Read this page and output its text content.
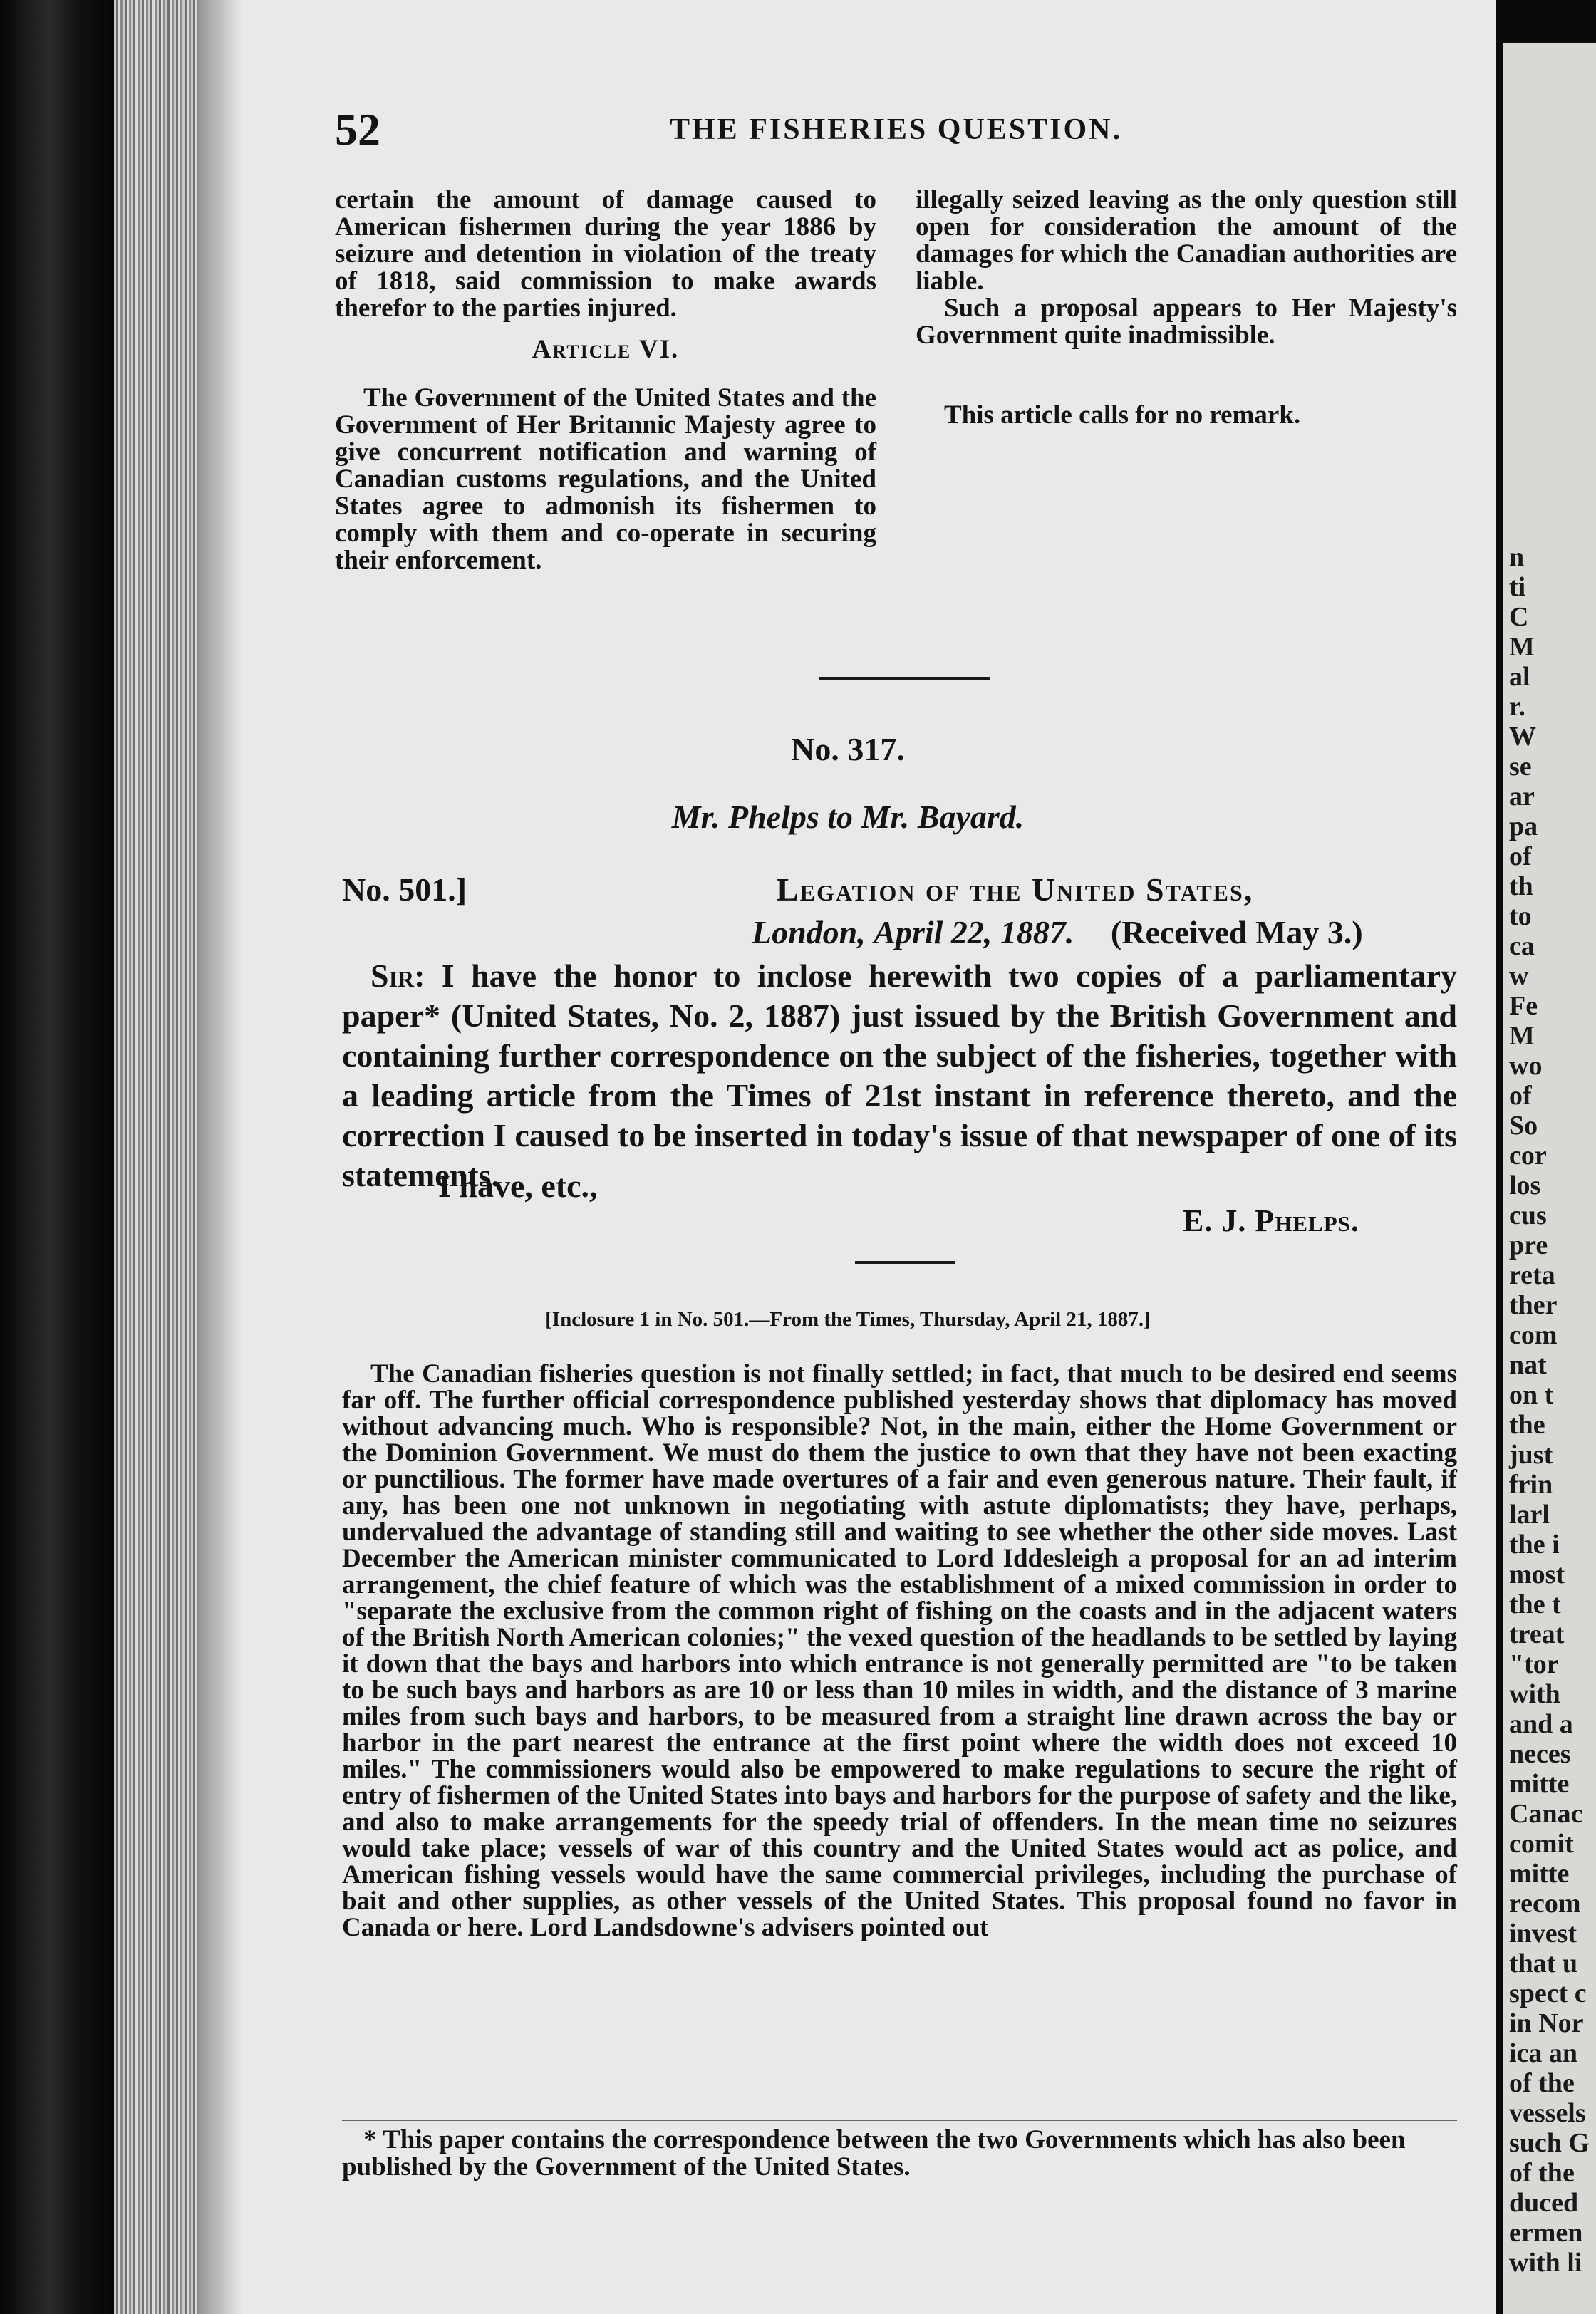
52	THE FISHERIES QUESTION.

certain the amount of damage caused to American fishermen during the year 1886 by seizure and detention in violation of the treaty of 1818, said commission to make awards therefor to the parties injured.

Article VI.

The Government of the United States and the Government of Her Britannic Majesty agree to give concurrent notification and warning of Canadian customs regulations, and the United States agree to admonish its fishermen to comply with them and co-operate in securing their enforcement.

illegally seized leaving as the only question still open for consideration the amount of the damages for which the Canadian authorities are liable.

Such a proposal appears to Her Majesty's Government quite inadmissible.

This article calls for no remark.

No. 317.
Mr. Phelps to Mr. Bayard.
No. 501.]	Legation of the United States,
London, April 22, 1887. (Received May 3.)

Sir: I have the honor to inclose herewith two copies of a parliamentary paper* (United States, No. 2, 1887) just issued by the British Government and containing further correspondence on the subject of the fisheries, together with a leading article from the Times of 21st instant in reference thereto, and the correction I caused to be inserted in today's issue of that newspaper of one of its statements.

I have, etc.,
E. J. Phelps.
[Inclosure 1 in No. 501.—From the Times, Thursday, April 21, 1887.]

The Canadian fisheries question is not finally settled; in fact, that much to be desired end seems far off. The further official correspondence published yesterday shows that diplomacy has moved without advancing much. Who is responsible? Not, in the main, either the Home Government or the Dominion Government. We must do them the justice to own that they have not been exacting or punctilious. The former have made overtures of a fair and even generous nature. Their fault, if any, has been one not unknown in negotiating with astute diplomatists; they have, perhaps, undervalued the advantage of standing still and waiting to see whether the other side moves. Last December the American minister communicated to Lord Iddesleigh a proposal for an ad interim arrangement, the chief feature of which was the establishment of a mixed commission in order to "separate the exclusive from the common right of fishing on the coasts and in the adjacent waters of the British North American colonies;" the vexed question of the headlands to be settled by laying it down that the bays and harbors into which entrance is not generally permitted are "to be taken to be such bays and harbors as are 10 or less than 10 miles in width, and the distance of 3 marine miles from such bays and harbors, to be measured from a straight line drawn across the bay or harbor in the part nearest the entrance at the first point where the width does not exceed 10 miles." The commissioners would also be empowered to make regulations to secure the right of entry of fishermen of the United States into bays and harbors for the purpose of safety and the like, and also to make arrangements for the speedy trial of offenders. In the mean time no seizures would take place; vessels of war of this country and the United States would act as police, and American fishing vessels would have the same commercial privileges, including the purchase of bait and other supplies, as other vessels of the United States. This proposal found no favor in Canada or here. Lord Landsdowne's advisers pointed out

* This paper contains the correspondence between the two Governments which has also been published by the Government of the United States.

n
ti
C
M
al
r.
W
se
ar
pa
of
th
to
ca
w
Fe
M
wo
of
So
cor
los
cus
pre
reta
ther
com
nat
on t
the
just
frin
larl
the i
most
the t
treat
"tor
with
and a
neces
mitte
Canac
comit
mitte
recom
invest
that u
spect c
in Nor
ica an
of the
vessels
such G
of the
duced
ermen
with li
